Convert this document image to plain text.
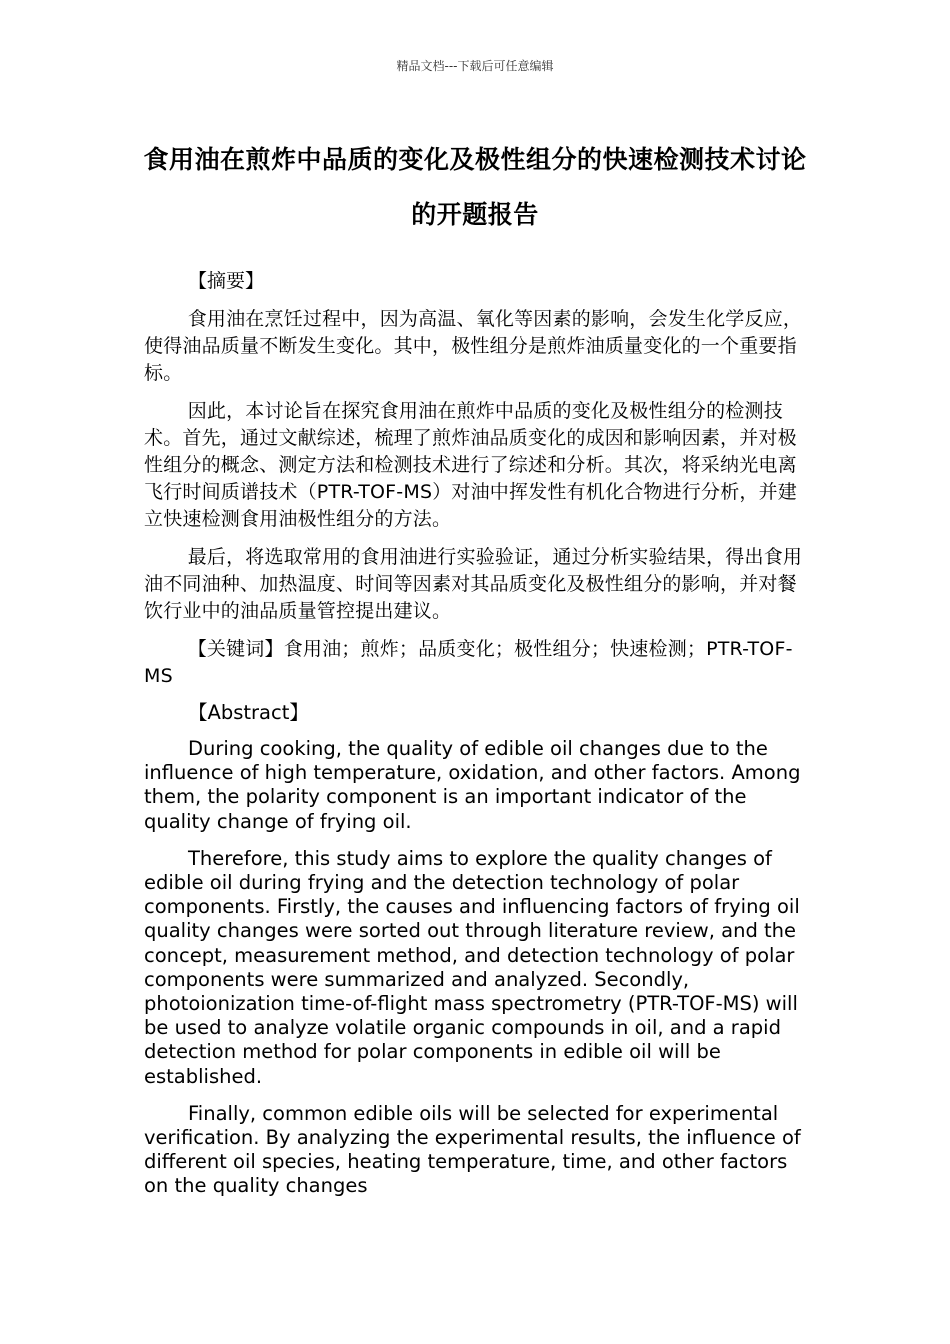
精品文档---下载后可任意编辑
食用油在煎炸中品质的变化及极性组分的快速检测技术讨论的开题报告
【摘要】

食用油在烹饪过程中，因为高温、氧化等因素的影响，会发生化学反应，使得油品质量不断发生变化。其中，极性组分是煎炸油质量变化的一个重要指标。

因此，本讨论旨在探究食用油在煎炸中品质的变化及极性组分的检测技术。首先，通过文献综述，梳理了煎炸油品质变化的成因和影响因素，并对极性组分的概念、测定方法和检测技术进行了综述和分析。其次，将采纳光电离飞行时间质谱技术（PTR-TOF-MS）对油中挥发性有机化合物进行分析，并建立快速检测食用油极性组分的方法。

最后，将选取常用的食用油进行实验验证，通过分析实验结果，得出食用油不同油种、加热温度、时间等因素对其品质变化及极性组分的影响，并对餐饮行业中的油品质量管控提出建议。

【关键词】食用油；煎炸；品质变化；极性组分；快速检测；PTR-TOF-MS

【Abstract】

During cooking, the quality of edible oil changes due to the influence of high temperature, oxidation, and other factors. Among them, the polarity component is an important indicator of the quality change of frying oil.

Therefore, this study aims to explore the quality changes of edible oil during frying and the detection technology of polar components. Firstly, the causes and influencing factors of frying oil quality changes were sorted out through literature review, and the concept, measurement method, and detection technology of polar components were summarized and analyzed. Secondly, photoionization time-of-flight mass spectrometry (PTR-TOF-MS) will be used to analyze volatile organic compounds in oil, and a rapid detection method for polar components in edible oil will be established.

Finally, common edible oils will be selected for experimental verification. By analyzing the experimental results, the influence of different oil species, heating temperature, time, and other factors on the quality changes
